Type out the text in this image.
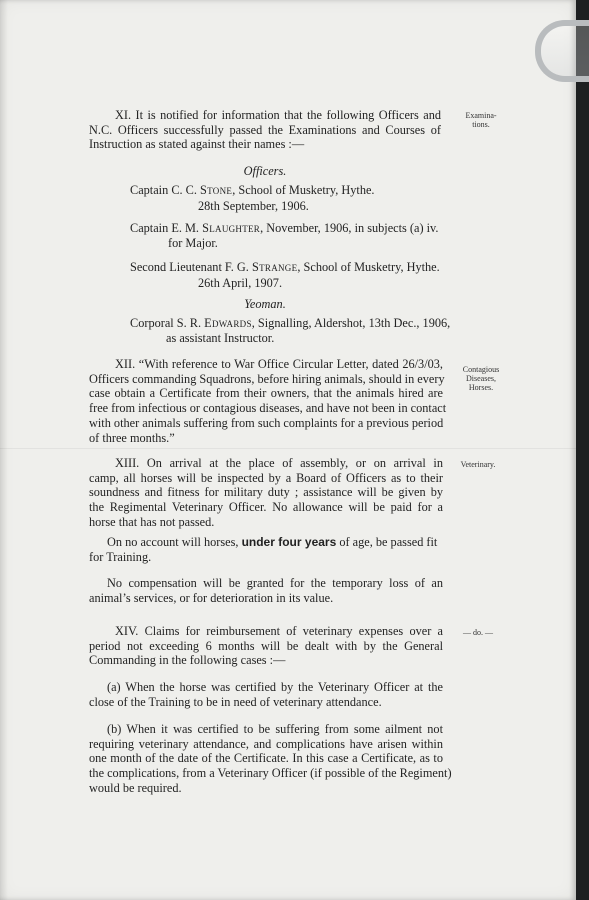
XI. It is notified for information that the following Officers and
N.C. Officers successfully passed the Examinations and Courses of
Instruction as stated against their names :—

Examina-
tions.

Officers.

Captain C. C. Stone, School of Musketry, Hythe.

28th September, 1906.

Captain E. M. Slaughter, November, 1906, in subjects (a) iv.

for Major.

Second Lieutenant F. G. Strange, School of Musketry, Hythe.

26th April, 1907.

Yeoman.

Corporal S. R. Edwards, Signalling, Aldershot, 13th Dec., 1906,

as assistant Instructor.

XII. “With reference to War Office Circular Letter, dated 26/3/03,
Officers commanding Squadrons, before hiring animals, should in every
case obtain a Certificate from their owners, that the animals hired are
free from infectious or contagious diseases, and have not been in contact
with other animals suffering from such complaints for a previous period
of three months.”

Contagious
Diseases,
Horses.

XIII. On arrival at the place of assembly, or on arrival in
camp, all horses will be inspected by a Board of Officers as to their
soundness and fitness for military duty ; assistance will be given by
the Regimental Veterinary Officer. No allowance will be paid for a
horse that has not passed.

Veterinary.

On no account will horses, under four years of age, be passed fit
for Training.
No compensation will be granted for the temporary loss of an
animal’s services, or for deterioration in its value.
XIV. Claims for reimbursement of veterinary expenses over a
period not exceeding 6 months will be dealt with by the General
Commanding in the following cases :—

— do. —

(a) When the horse was certified by the Veterinary Officer at the
close of the Training to be in need of veterinary attendance.
(b) When it was certified to be suffering from some ailment not
requiring veterinary attendance, and complications have arisen within
one month of the date of the Certificate. In this case a Certificate, as to
the complications, from a Veterinary Officer (if possible of the Regiment)
would be required.
